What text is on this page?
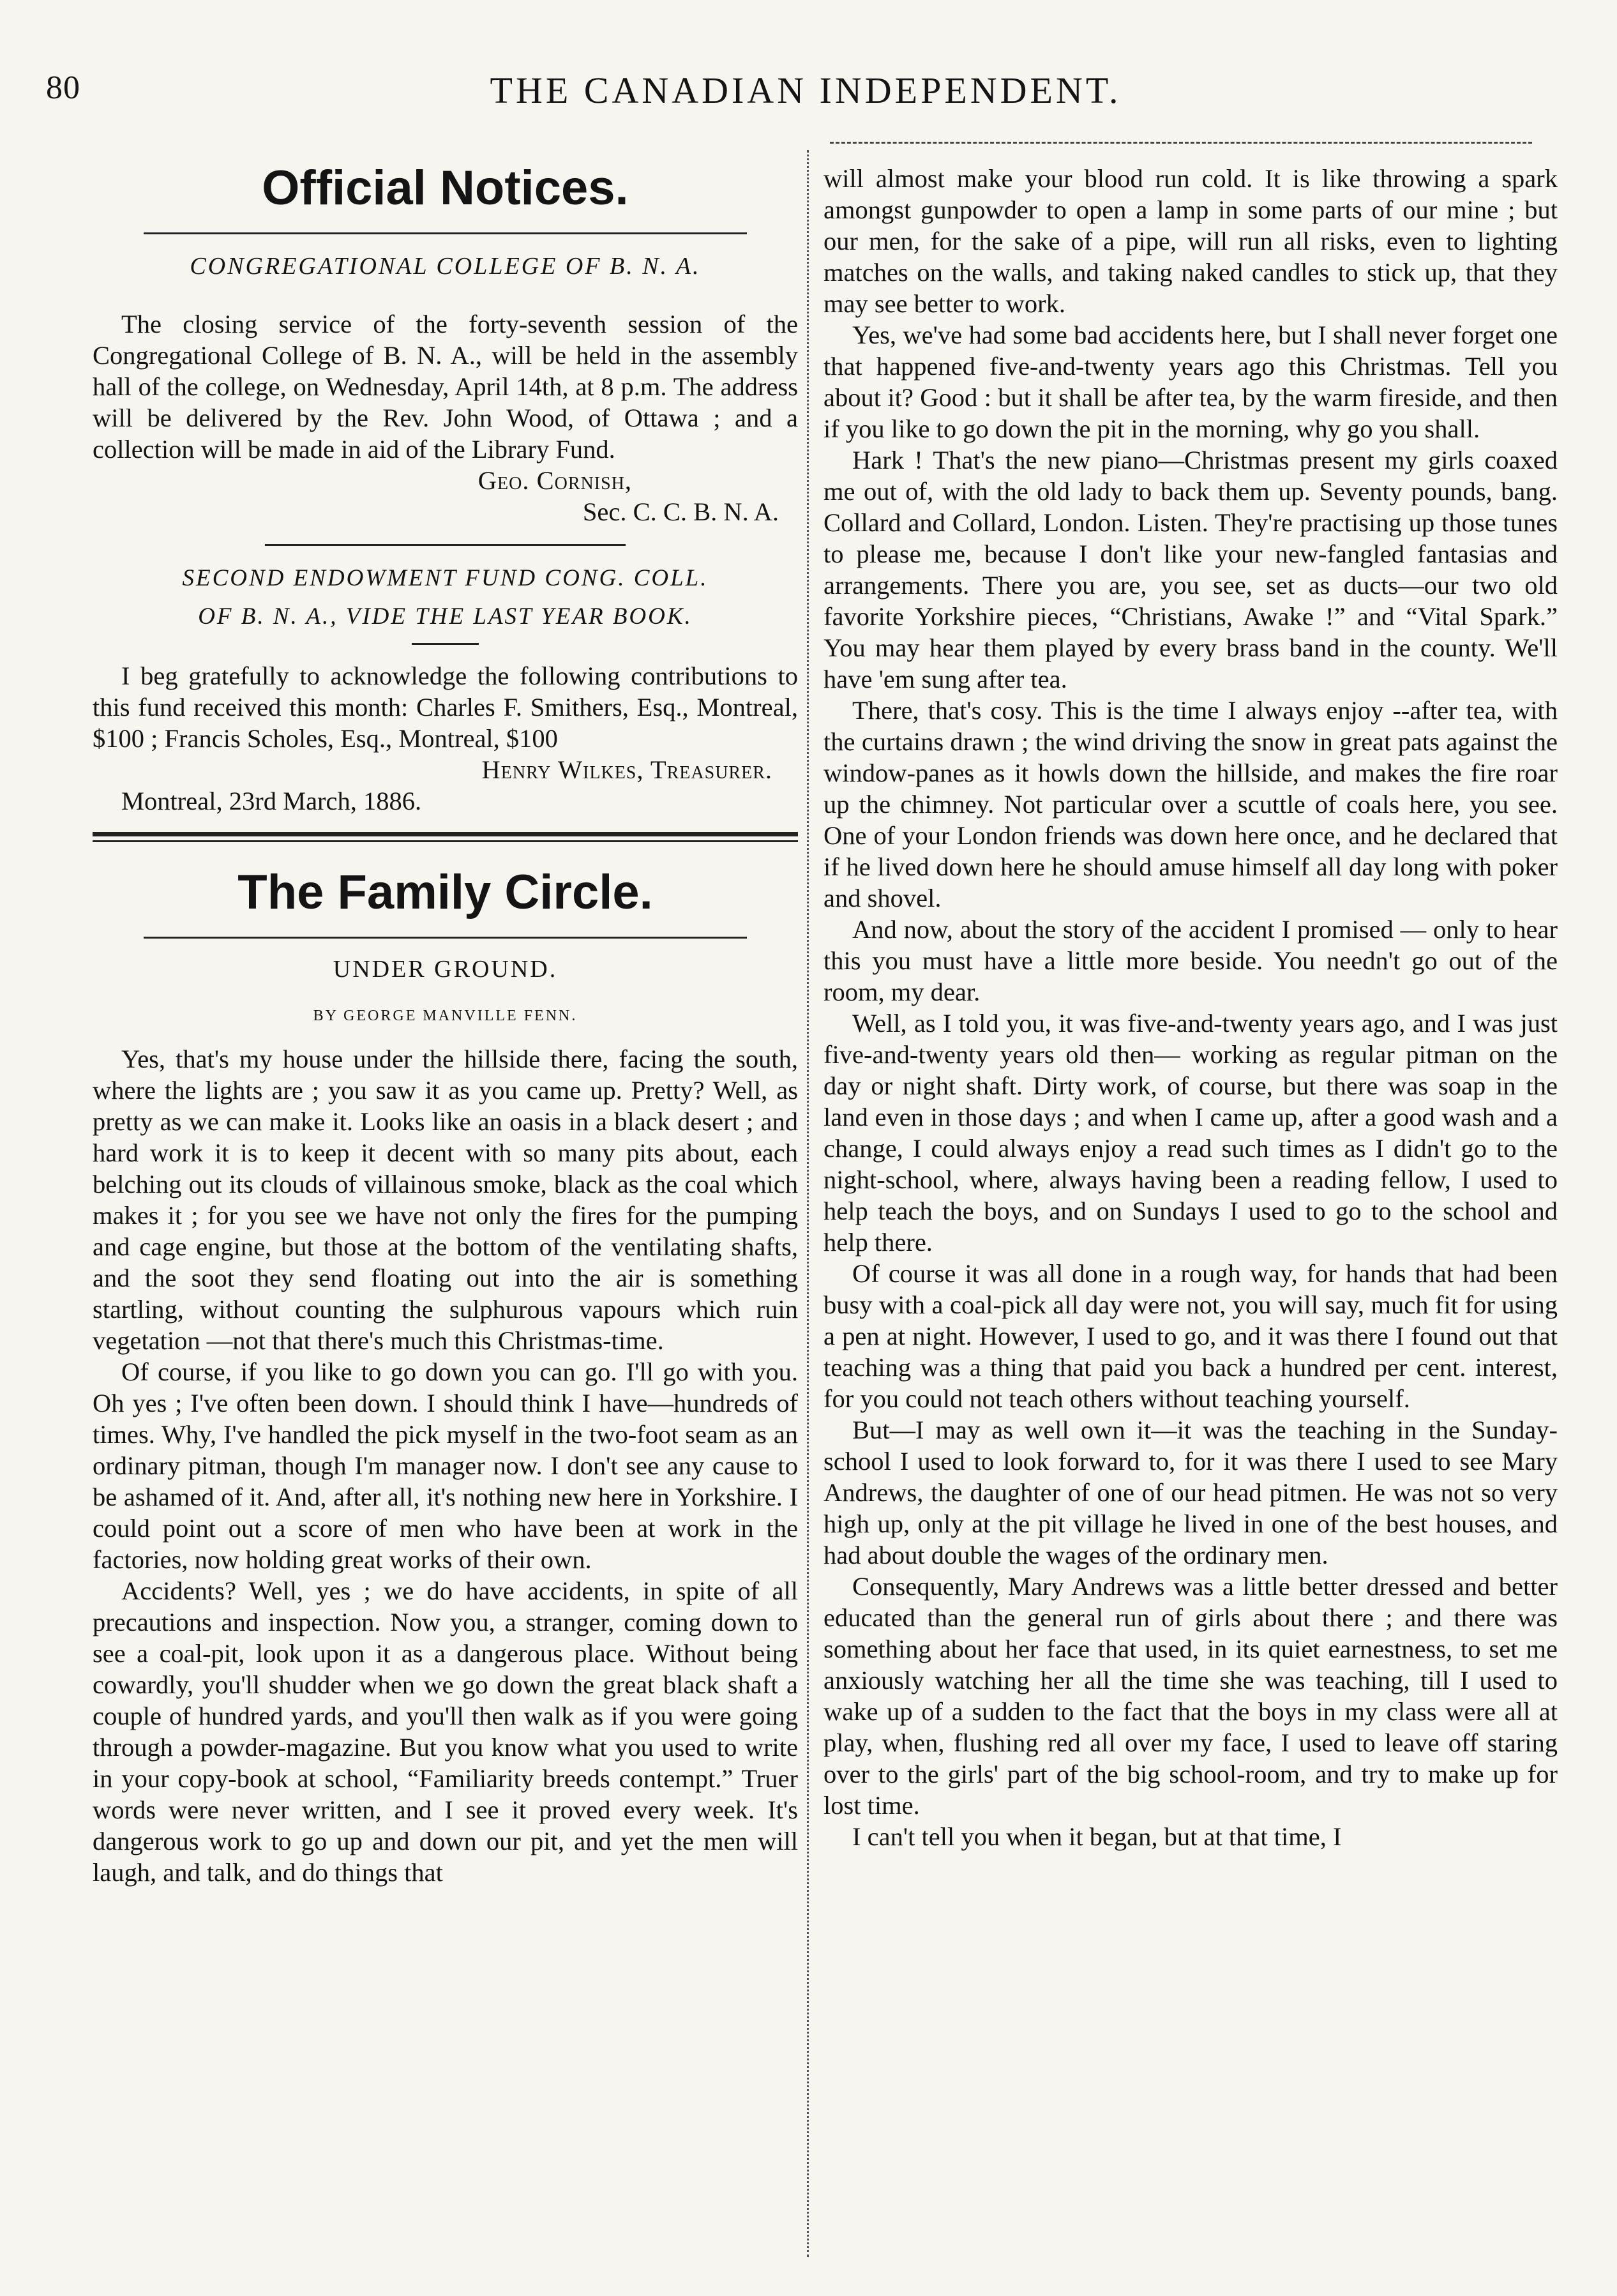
80	THE CANADIAN INDEPENDENT.
Official Notices.
CONGREGATIONAL COLLEGE OF B. N. A.

The closing service of the forty-seventh session of the Congregational College of B. N. A., will be held in the assembly hall of the college, on Wednesday, April 14th, at 8 p.m. The address will be delivered by the Rev. John Wood, of Ottawa ; and a collection will be made in aid of the Library Fund.

Geo. Cornish,
Sec. C. C. B. N. A.
SECOND ENDOWMENT FUND CONG. COLL.
OF B. N. A., VIDE THE LAST YEAR BOOK.

I beg gratefully to acknowledge the following contributions to this fund received this month: Charles F. Smithers, Esq., Montreal, $100 ; Francis Scholes, Esq., Montreal, $100

Henry Wilkes, Treasurer.

Montreal, 23rd March, 1886.

The Family Circle.
UNDER GROUND.
BY GEORGE MANVILLE FENN.

Yes, that's my house under the hillside there, facing the south, where the lights are ; you saw it as you came up. Pretty? Well, as pretty as we can make it. Looks like an oasis in a black desert ; and hard work it is to keep it decent with so many pits about, each belching out its clouds of villainous smoke, black as the coal which makes it ; for you see we have not only the fires for the pumping and cage engine, but those at the bottom of the ventilating shafts, and the soot they send floating out into the air is something startling, without counting the sulphurous vapours which ruin vegetation —not that there's much this Christmas-time.

Of course, if you like to go down you can go. I'll go with you. Oh yes ; I've often been down. I should think I have—hundreds of times. Why, I've handled the pick myself in the two-foot seam as an ordinary pitman, though I'm manager now. I don't see any cause to be ashamed of it. And, after all, it's nothing new here in Yorkshire. I could point out a score of men who have been at work in the factories, now holding great works of their own.

Accidents? Well, yes ; we do have accidents, in spite of all precautions and inspection. Now you, a stranger, coming down to see a coal-pit, look upon it as a dangerous place. Without being cowardly, you'll shudder when we go down the great black shaft a couple of hundred yards, and you'll then walk as if you were going through a powder-magazine. But you know what you used to write in your copy-book at school, “Familiarity breeds contempt.” Truer words were never written, and I see it proved every week. It's dangerous work to go up and down our pit, and yet the men will laugh, and talk, and do things that

will almost make your blood run cold. It is like throwing a spark amongst gunpowder to open a lamp in some parts of our mine ; but our men, for the sake of a pipe, will run all risks, even to lighting matches on the walls, and taking naked candles to stick up, that they may see better to work.

Yes, we've had some bad accidents here, but I shall never forget one that happened five-and-twenty years ago this Christmas. Tell you about it? Good : but it shall be after tea, by the warm fireside, and then if you like to go down the pit in the morning, why go you shall.

Hark ! That's the new piano—Christmas present my girls coaxed me out of, with the old lady to back them up. Seventy pounds, bang. Collard and Collard, London. Listen. They're practising up those tunes to please me, because I don't like your new-fangled fantasias and arrangements. There you are, you see, set as ducts—our two old favorite Yorkshire pieces, “Christians, Awake !” and “Vital Spark.” You may hear them played by every brass band in the county. We'll have 'em sung after tea.

There, that's cosy. This is the time I always enjoy --after tea, with the curtains drawn ; the wind driving the snow in great pats against the window-panes as it howls down the hillside, and makes the fire roar up the chimney. Not particular over a scuttle of coals here, you see. One of your London friends was down here once, and he declared that if he lived down here he should amuse himself all day long with poker and shovel.

And now, about the story of the accident I promised — only to hear this you must have a little more beside. You needn't go out of the room, my dear.

Well, as I told you, it was five-and-twenty years ago, and I was just five-and-twenty years old then— working as regular pitman on the day or night shaft. Dirty work, of course, but there was soap in the land even in those days ; and when I came up, after a good wash and a change, I could always enjoy a read such times as I didn't go to the night-school, where, always having been a reading fellow, I used to help teach the boys, and on Sundays I used to go to the school and help there.

Of course it was all done in a rough way, for hands that had been busy with a coal-pick all day were not, you will say, much fit for using a pen at night. However, I used to go, and it was there I found out that teaching was a thing that paid you back a hundred per cent. interest, for you could not teach others without teaching yourself.

But—I may as well own it—it was the teaching in the Sunday-school I used to look forward to, for it was there I used to see Mary Andrews, the daughter of one of our head pitmen. He was not so very high up, only at the pit village he lived in one of the best houses, and had about double the wages of the ordinary men.

Consequently, Mary Andrews was a little better dressed and better educated than the general run of girls about there ; and there was something about her face that used, in its quiet earnestness, to set me anxiously watching her all the time she was teaching, till I used to wake up of a sudden to the fact that the boys in my class were all at play, when, flushing red all over my face, I used to leave off staring over to the girls' part of the big school-room, and try to make up for lost time.

I can't tell you when it began, but at that time, I
